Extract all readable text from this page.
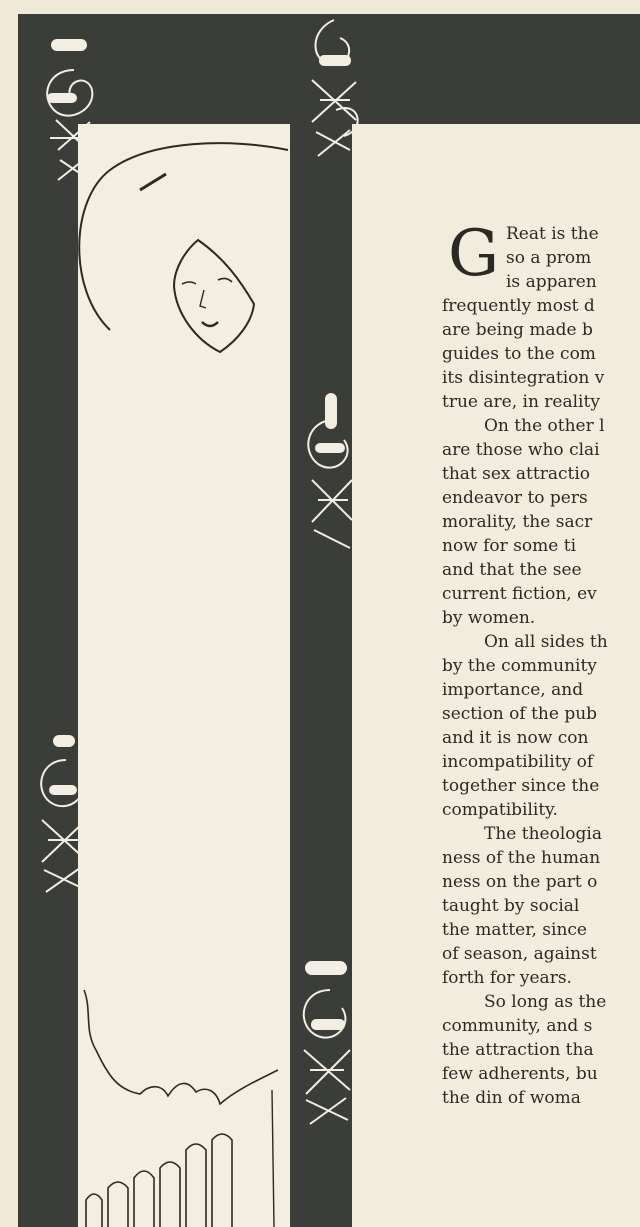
G Reat is the
so a prom
is apparen
frequently most d
are being made b
guides to the com
its disintegration v
true are, in reality
On the other l
are those who clai
that sex attractio
endeavor to pers
morality, the sacr
now for some ti
and that the see
current fiction, ev
by women.
On all sides th
by the community
importance, and
section of the pub
and it is now con
incompatibility of
together since the
compatibility.
The theologia
ness of the human
ness on the part o
taught by social
the matter, since
of season, against
forth for years.
So long as the
community, and s
the attraction tha
few adherents, bu
the din of woma
